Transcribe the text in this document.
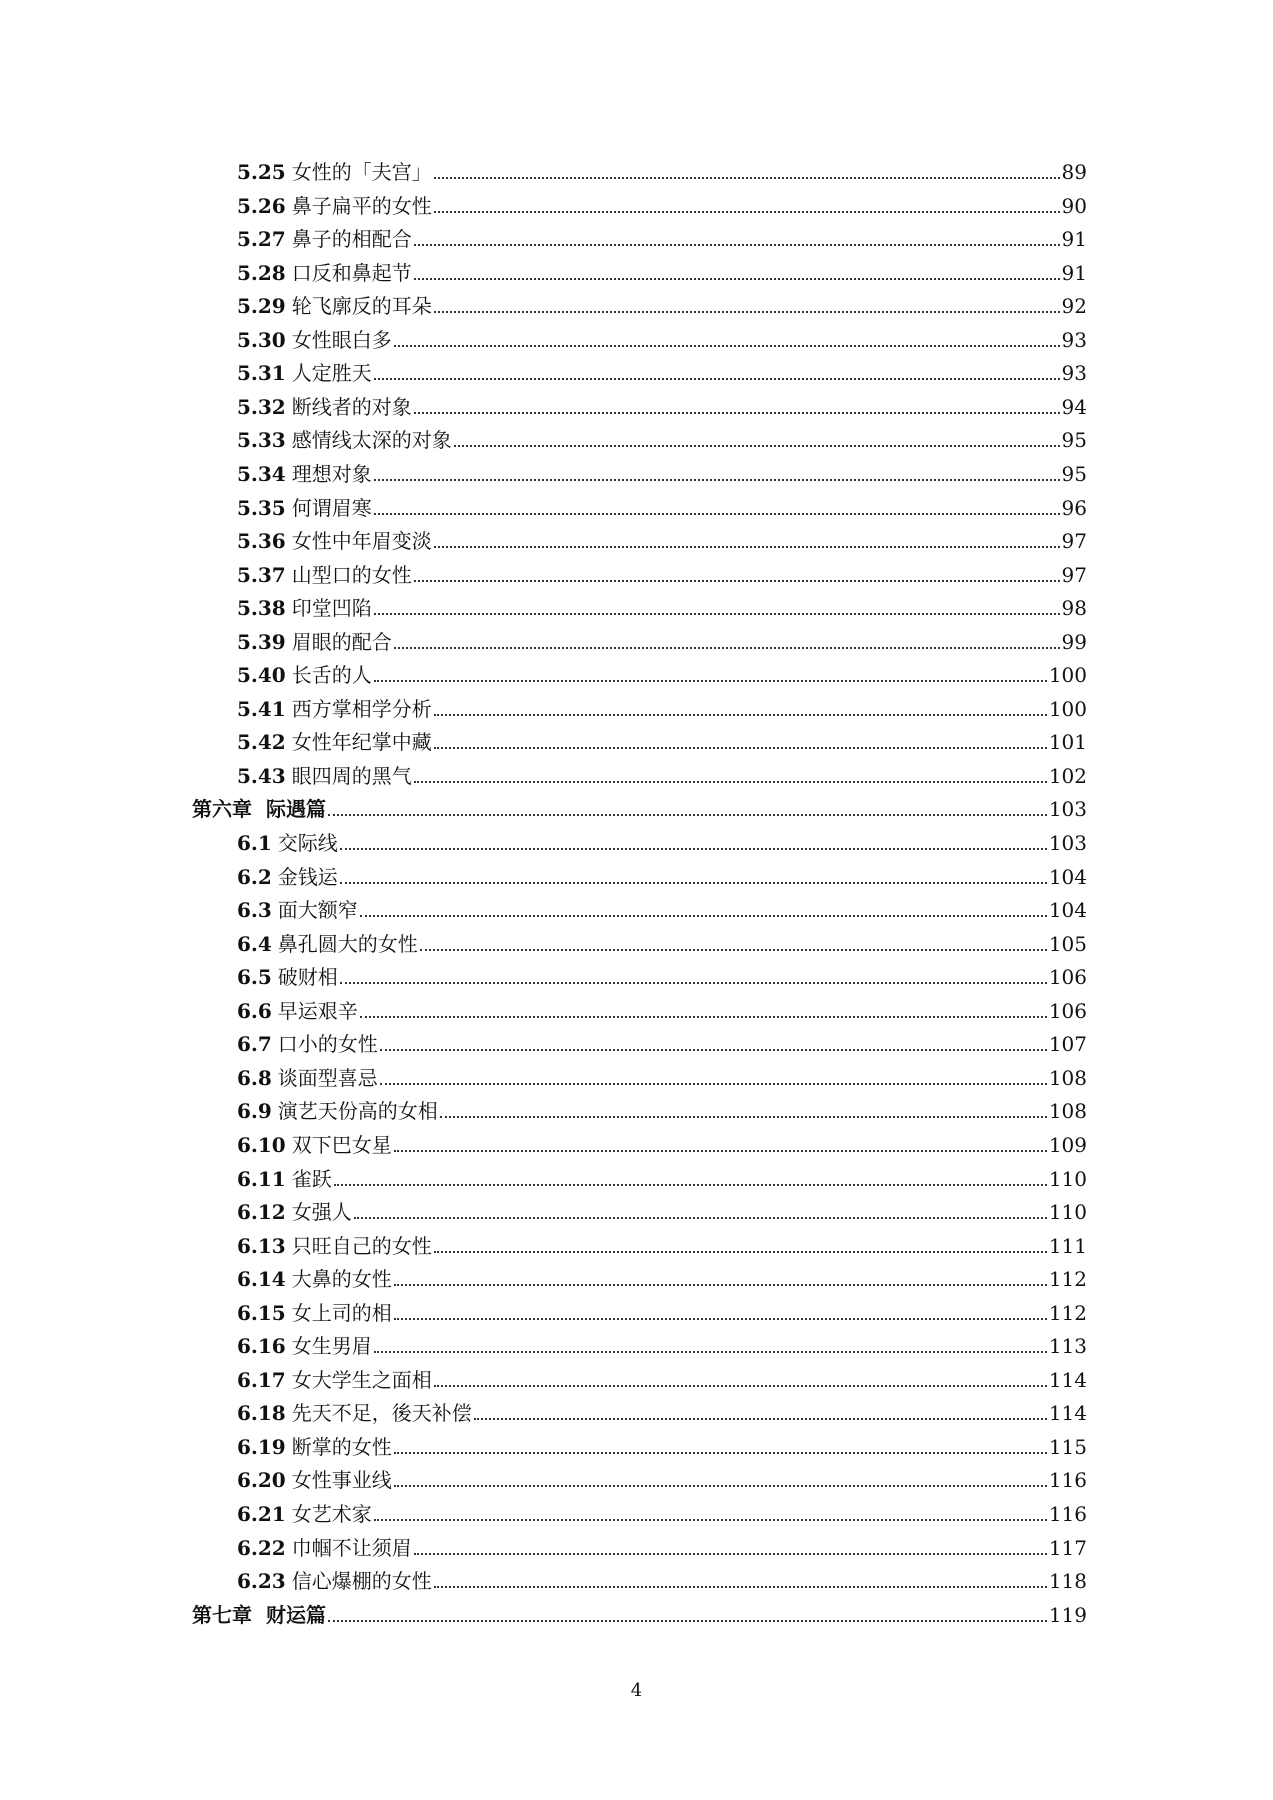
5.25 女性的「夫宫」	89
5.26 鼻子扁平的女性	90
5.27 鼻子的相配合	91
5.28 口反和鼻起节	91
5.29 轮飞廓反的耳朵	92
5.30 女性眼白多	93
5.31 人定胜天	93
5.32 断线者的对象	94
5.33 感情线太深的对象	95
5.34 理想对象	95
5.35 何谓眉寒	96
5.36 女性中年眉变淡	97
5.37 山型口的女性	97
5.38 印堂凹陷	98
5.39 眉眼的配合	99
5.40 长舌的人	100
5.41 西方掌相学分析	100
5.42 女性年纪掌中藏	101
5.43 眼四周的黑气	102
第六章 际遇篇	103
6.1 交际线	103
6.2 金钱运	104
6.3 面大额窄	104
6.4 鼻孔圆大的女性	105
6.5 破财相	106
6.6 早运艰辛	106
6.7 口小的女性	107
6.8 谈面型喜忌	108
6.9 演艺天份高的女相	108
6.10 双下巴女星	109
6.11 雀跃	110
6.12 女强人	110
6.13 只旺自己的女性	111
6.14 大鼻的女性	112
6.15 女上司的相	112
6.16 女生男眉	113
6.17 女大学生之面相	114
6.18 先天不足，後天补偿	114
6.19 断掌的女性	115
6.20 女性事业线	116
6.21 女艺术家	116
6.22 巾帼不让须眉	117
6.23 信心爆棚的女性	118
第七章 财运篇	119
4
